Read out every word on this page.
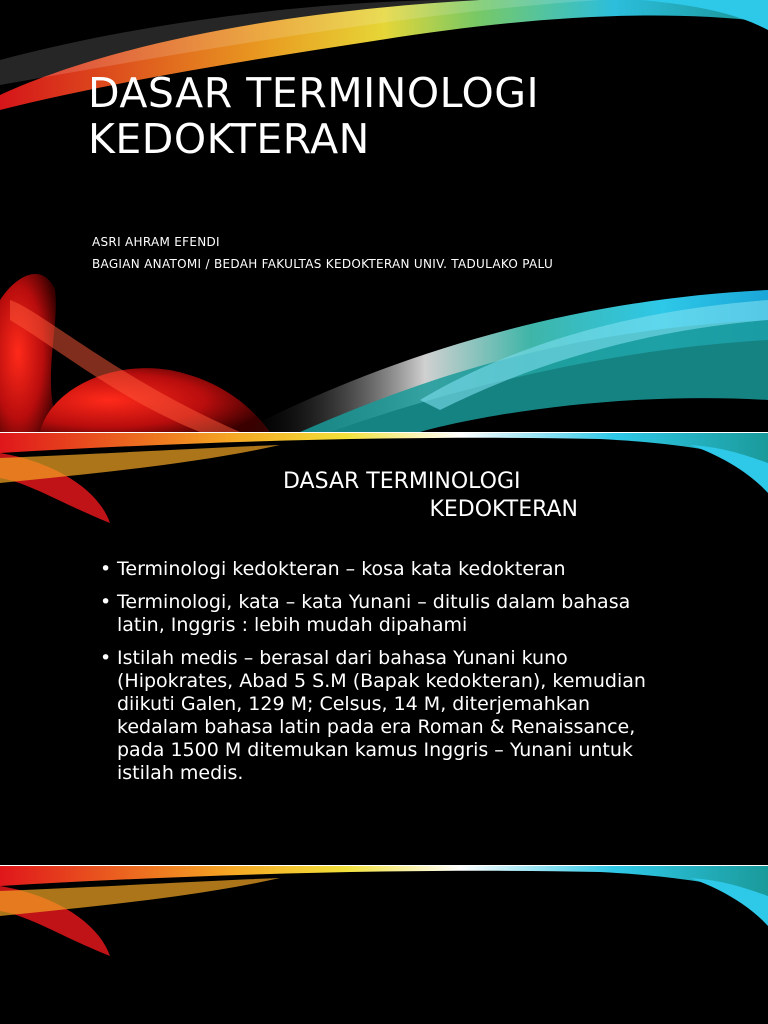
DASAR TERMINOLOGI
KEDOKTERAN
ASRI AHRAM EFENDI
BAGIAN ANATOMI / BEDAH FAKULTAS KEDOKTERAN UNIV. TADULAKO PALU
DASAR TERMINOLOGI
KEDOKTERAN
• Terminologi kedokteran – kosa kata kedokteran
• Terminologi, kata – kata Yunani – ditulis dalam bahasa latin, Inggris : lebih mudah dipahami
• Istilah medis – berasal dari bahasa Yunani kuno (Hipokrates, Abad 5 S.M (Bapak kedokteran), kemudian diikuti Galen, 129 M; Celsus, 14 M, diterjemahkan kedalam bahasa latin pada era Roman & Renaissance, pada 1500 M ditemukan kamus Inggris – Yunani untuk istilah medis.
